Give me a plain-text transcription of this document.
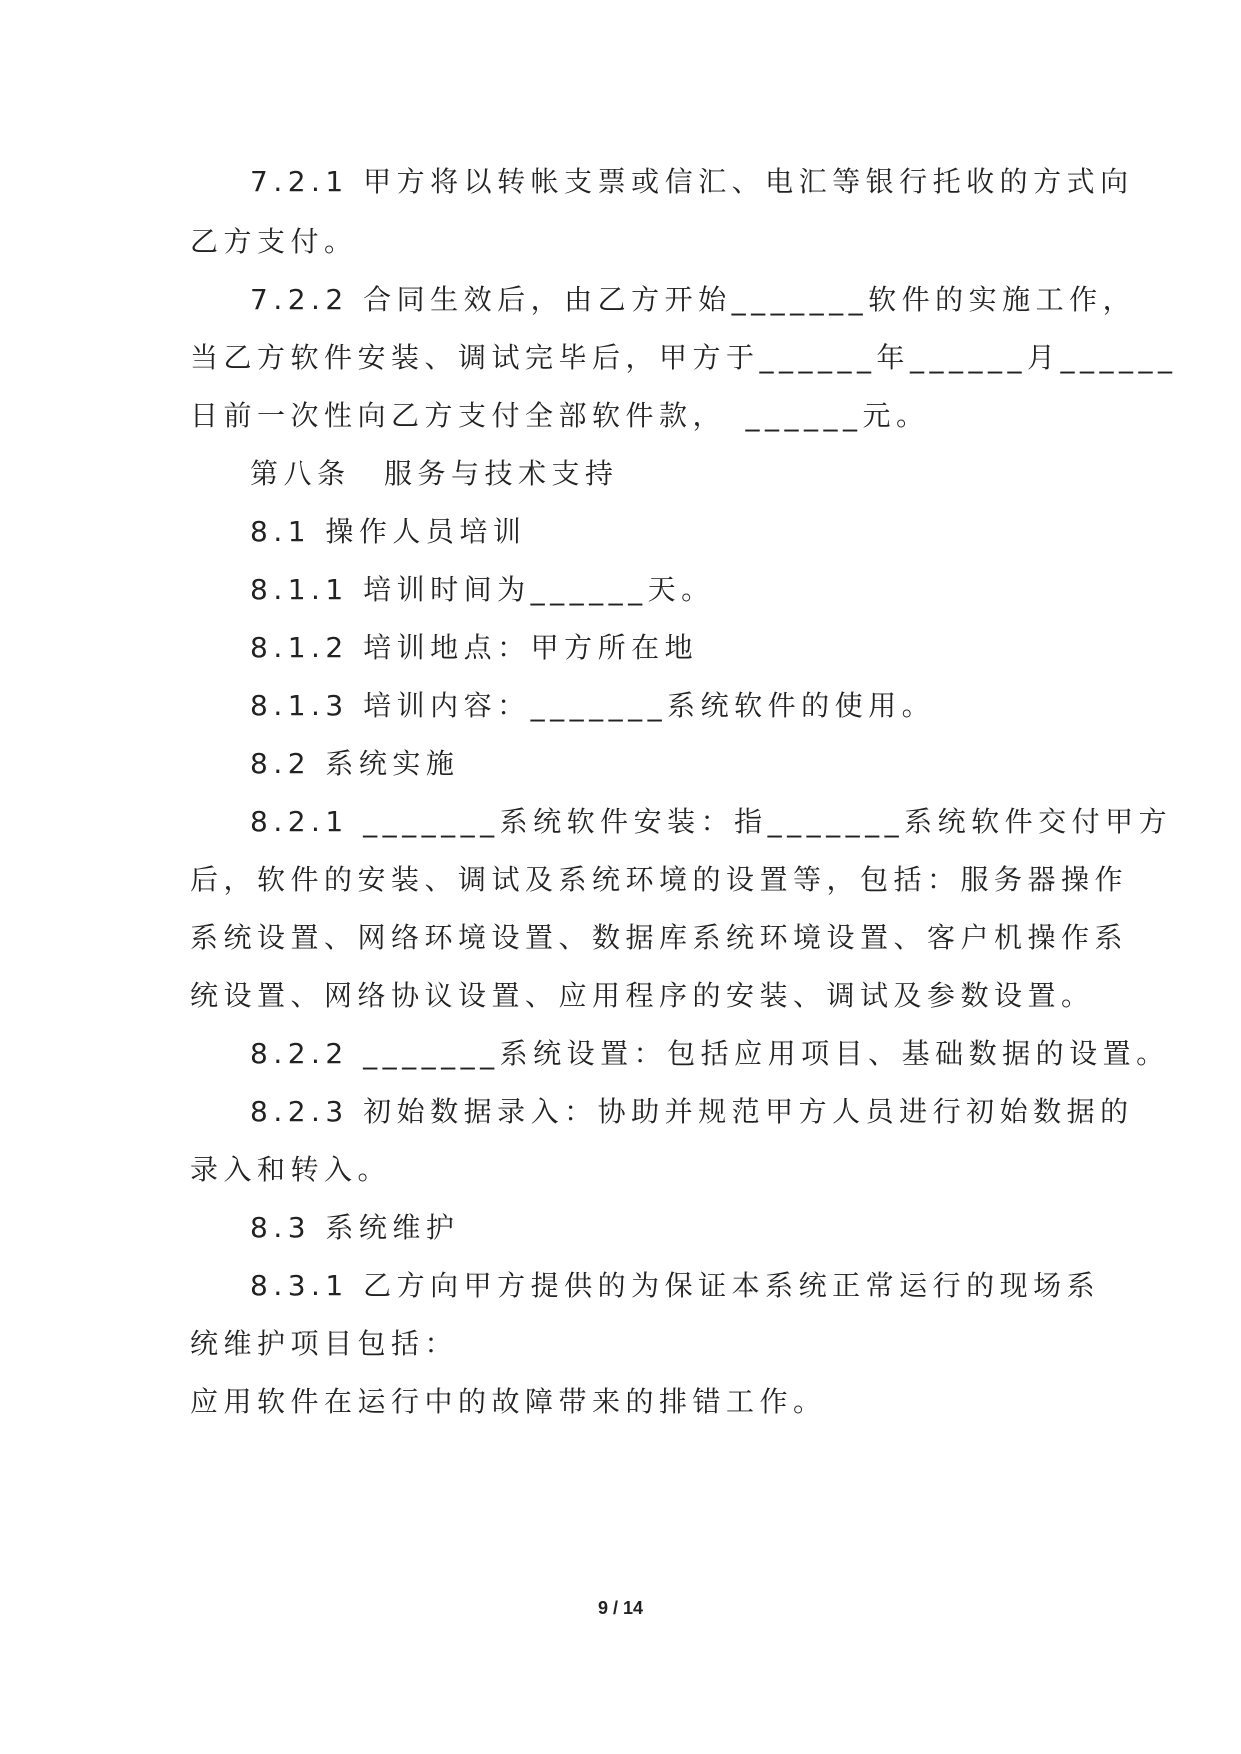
7.2.1 甲方将以转帐支票或信汇、电汇等银行托收的方式向
乙方支付。
7.2.2 合同生效后，由乙方开始_______软件的实施工作，
当乙方软件安装、调试完毕后，甲方于______年______月______
日前一次性向乙方支付全部软件款，　______元。
第八条　服务与技术支持
8.1 操作人员培训
8.1.1 培训时间为______天。
8.1.2 培训地点：甲方所在地
8.1.3 培训内容：_______系统软件的使用。
8.2 系统实施
8.2.1 _______系统软件安装：指_______系统软件交付甲方
后，软件的安装、调试及系统环境的设置等，包括：服务器操作
系统设置、网络环境设置、数据库系统环境设置、客户机操作系
统设置、网络协议设置、应用程序的安装、调试及参数设置。
8.2.2 _______系统设置：包括应用项目、基础数据的设置。
8.2.3 初始数据录入：协助并规范甲方人员进行初始数据的
录入和转入。
8.3 系统维护
8.3.1 乙方向甲方提供的为保证本系统正常运行的现场系
统维护项目包括：
应用软件在运行中的故障带来的排错工作。
9 / 14
